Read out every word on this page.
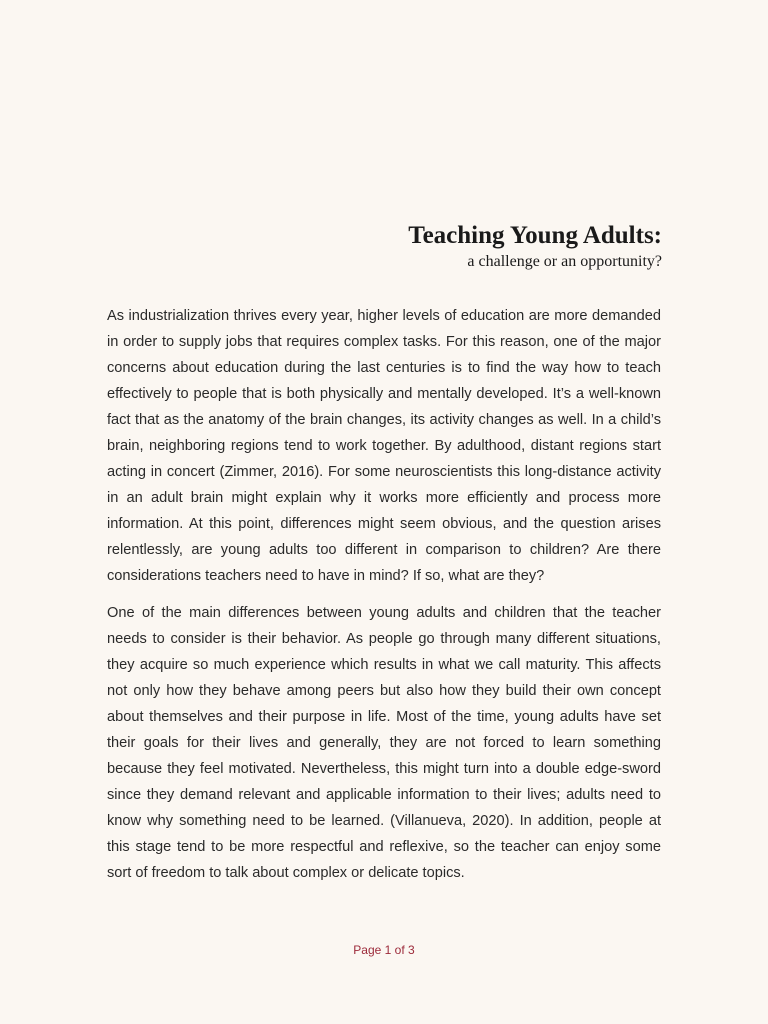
Teaching Young Adults:
a challenge or an opportunity?

As industrialization thrives every year, higher levels of education are more demanded in order to supply jobs that requires complex tasks. For this reason, one of the major concerns about education during the last centuries is to find the way how to teach effectively to people that is both physically and mentally developed. It’s a well-known fact that as the anatomy of the brain changes, its activity changes as well. In a child’s brain, neighboring regions tend to work together. By adulthood, distant regions start acting in concert (Zimmer, 2016). For some neuroscientists this long-distance activity in an adult brain might explain why it works more efficiently and process more information. At this point, differences might seem obvious, and the question arises relentlessly, are young adults too different in comparison to children? Are there considerations teachers need to have in mind? If so, what are they?

One of the main differences between young adults and children that the teacher needs to consider is their behavior. As people go through many different situations, they acquire so much experience which results in what we call maturity. This affects not only how they behave among peers but also how they build their own concept about themselves and their purpose in life. Most of the time, young adults have set their goals for their lives and generally, they are not forced to learn something because they feel motivated. Nevertheless, this might turn into a double edge-sword since they demand relevant and applicable information to their lives; adults need to know why something need to be learned. (Villanueva, 2020). In addition, people at this stage tend to be more respectful and reflexive, so the teacher can enjoy some sort of freedom to talk about complex or delicate topics.

Page 1 of 3
